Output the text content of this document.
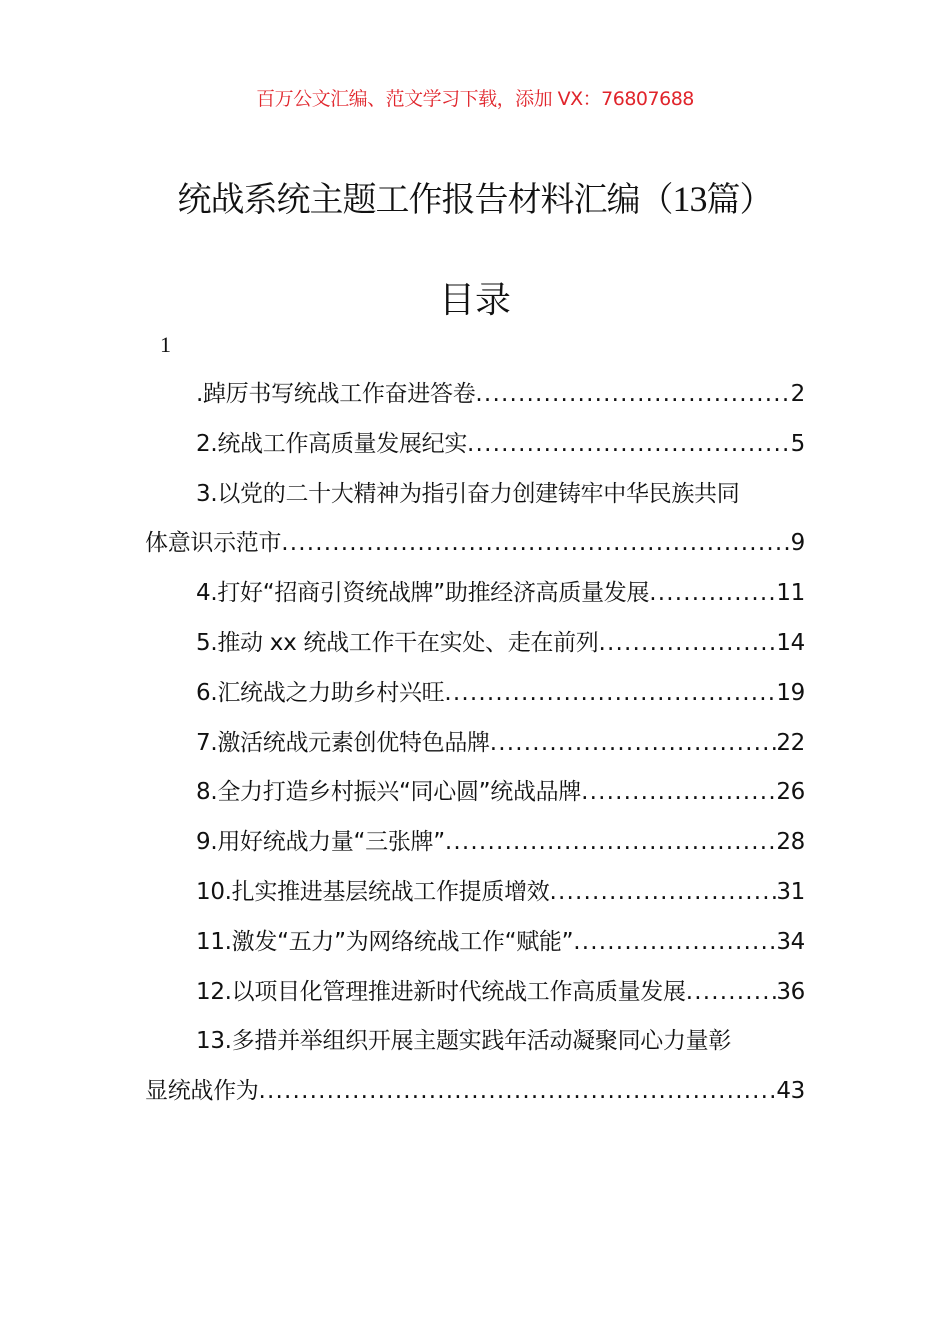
百万公文汇编、范文学习下载，添加 VX：76807688
统战系统主题工作报告材料汇编（13篇）
目录
1
.踔厉书写统战工作奋进答卷 .....	2
2.统战工作高质量发展纪实 .....	5
3.以党的二十大精神为指引奋力创建铸牢中华民族共同
体意识示范市 .....	9
4.打好“招商引资统战牌”助推经济高质量发展 .....	11
5.推动 xx 统战工作干在实处、走在前列 .....	14
6.汇统战之力助乡村兴旺 .....	19
7.激活统战元素创优特色品牌 .....	22
8.全力打造乡村振兴“同心圆”统战品牌 .....	26
9.用好统战力量“三张牌” .....	28
10.扎实推进基层统战工作提质增效 .....	31
11.激发“五力”为网络统战工作“赋能” .....	34
12.以项目化管理推进新时代统战工作高质量发展 .....	36
13.多措并举组织开展主题实践年活动凝聚同心力量彰
显统战作为 .....	43
